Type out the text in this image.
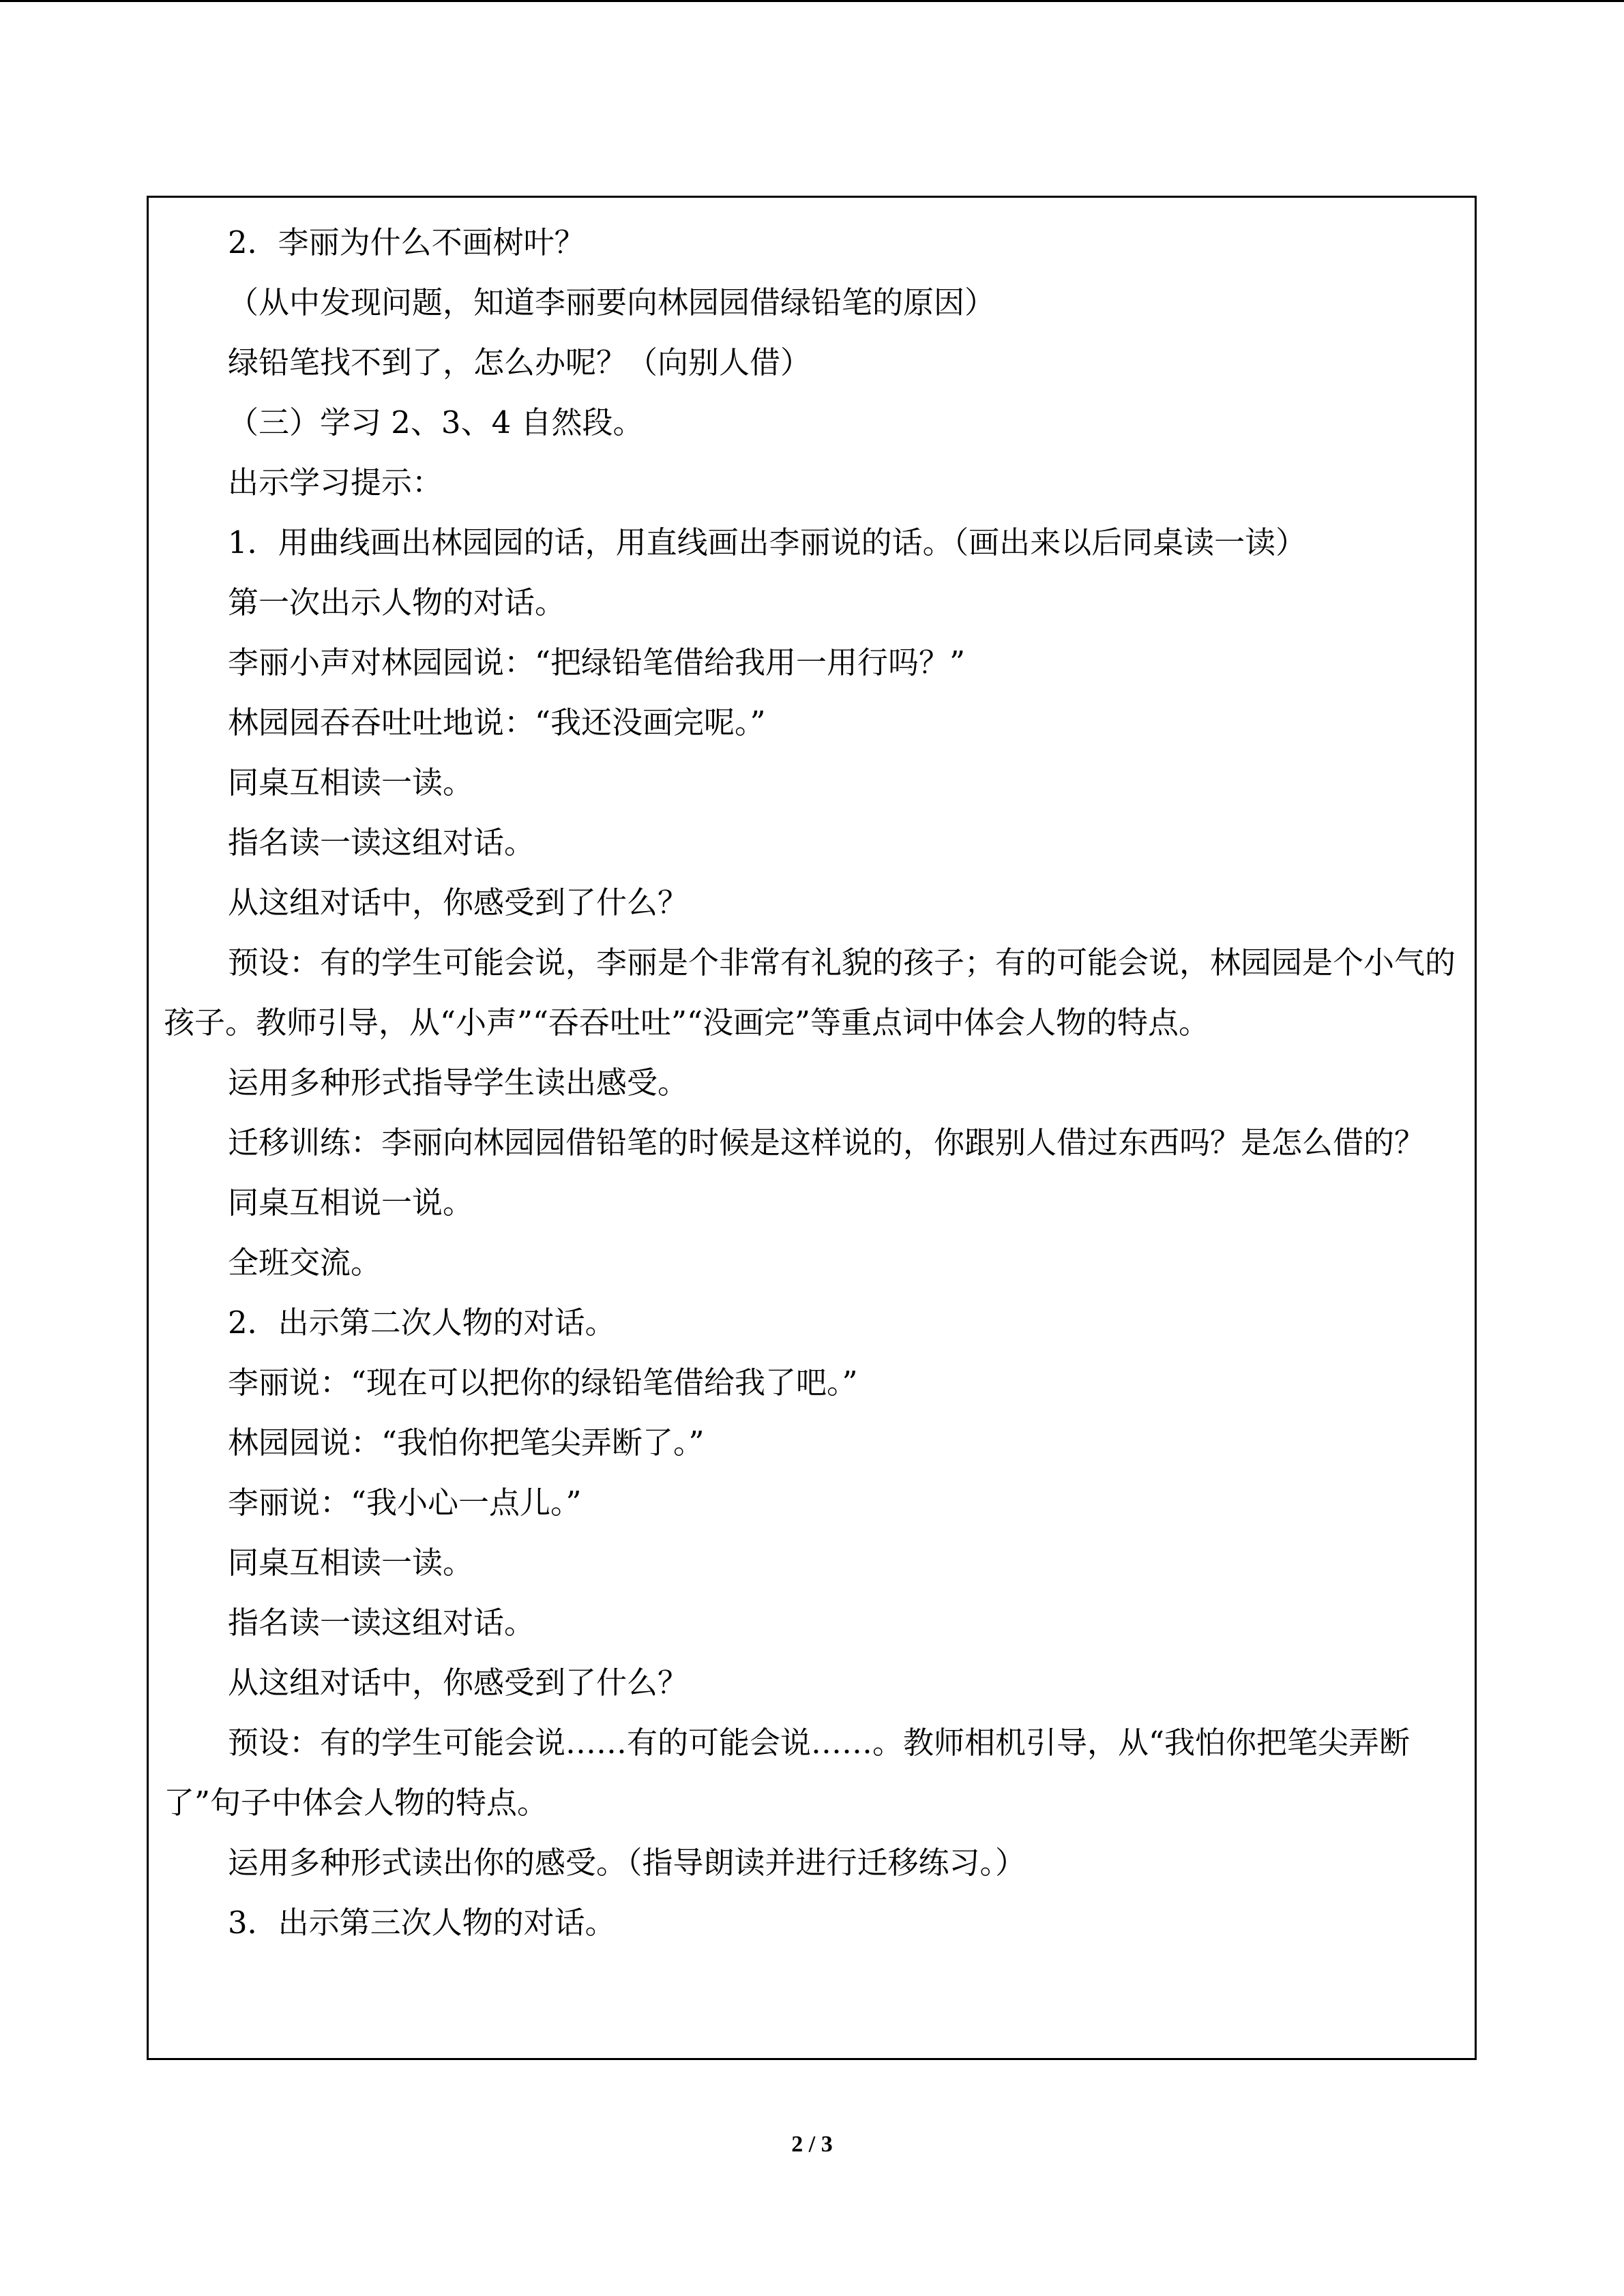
2．李丽为什么不画树叶？

（从中发现问题，知道李丽要向林园园借绿铅笔的原因）

绿铅笔找不到了，怎么办呢？（向别人借）

（三）学习 2、3、4 自然段。

出示学习提示：

1．用曲线画出林园园的话，用直线画出李丽说的话。（画出来以后同桌读一读）

第一次出示人物的对话。

李丽小声对林园园说：“把绿铅笔借给我用一用行吗？”

林园园吞吞吐吐地说：“我还没画完呢。”

同桌互相读一读。

指名读一读这组对话。

从这组对话中，你感受到了什么？

预设：有的学生可能会说，李丽是个非常有礼貌的孩子；有的可能会说，林园园是个小气的孩子。教师引导，从“小声”“吞吞吐吐”“没画完”等重点词中体会人物的特点。

运用多种形式指导学生读出感受。

迁移训练：李丽向林园园借铅笔的时候是这样说的，你跟别人借过东西吗？是怎么借的？

同桌互相说一说。

全班交流。

2．出示第二次人物的对话。

李丽说：“现在可以把你的绿铅笔借给我了吧。”

林园园说：“我怕你把笔尖弄断了。”

李丽说：“我小心一点儿。”

同桌互相读一读。

指名读一读这组对话。

从这组对话中，你感受到了什么？

预设：有的学生可能会说……有的可能会说……。教师相机引导，从“我怕你把笔尖弄断了”句子中体会人物的特点。

运用多种形式读出你的感受。（指导朗读并进行迁移练习。）

3．出示第三次人物的对话。

2 / 3
